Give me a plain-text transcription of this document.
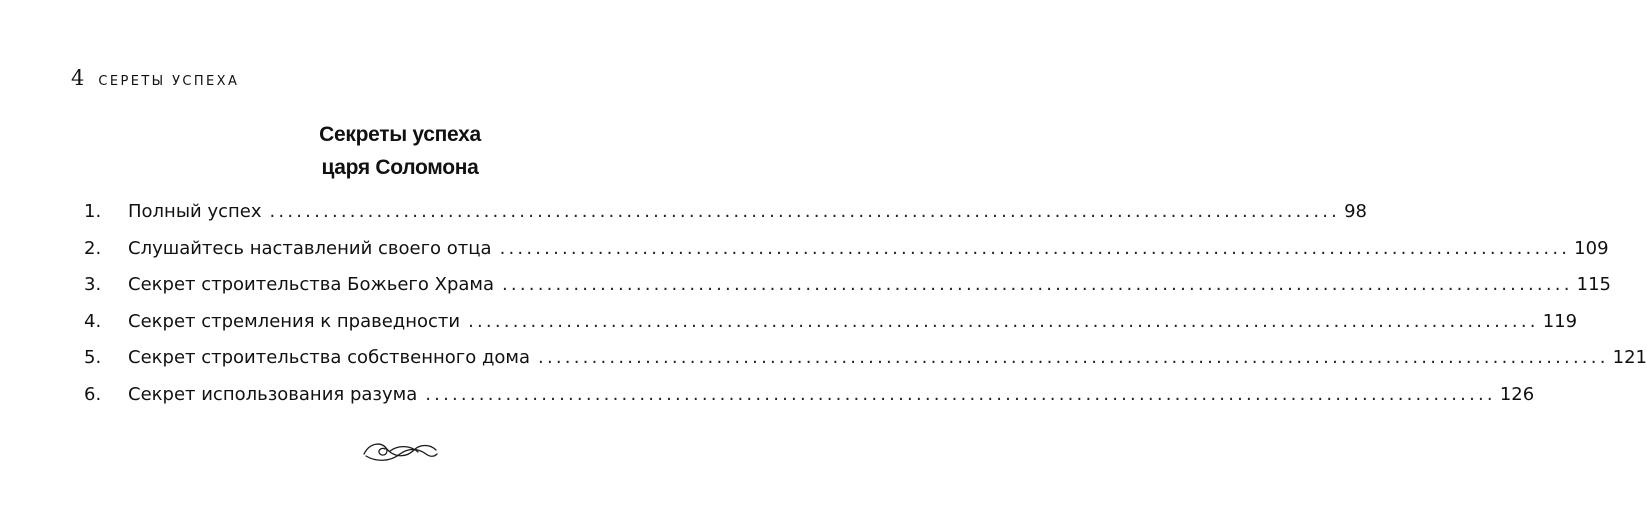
4 СЕРЕТЫ УСПЕХА
Секреты успеха
царя Соломона
1.	Полный успех ........................................................................................................................ 98
2.	Слушайтесь наставлений своего отца ........................................................................................................................ 109
3.	Секрет строительства Божьего Храма ........................................................................................................................ 115
4.	Секрет стремления к праведности ........................................................................................................................ 119
5.	Секрет строительства собственного дома ........................................................................................................................ 121
6.	Секрет использования разума ........................................................................................................................ 126
